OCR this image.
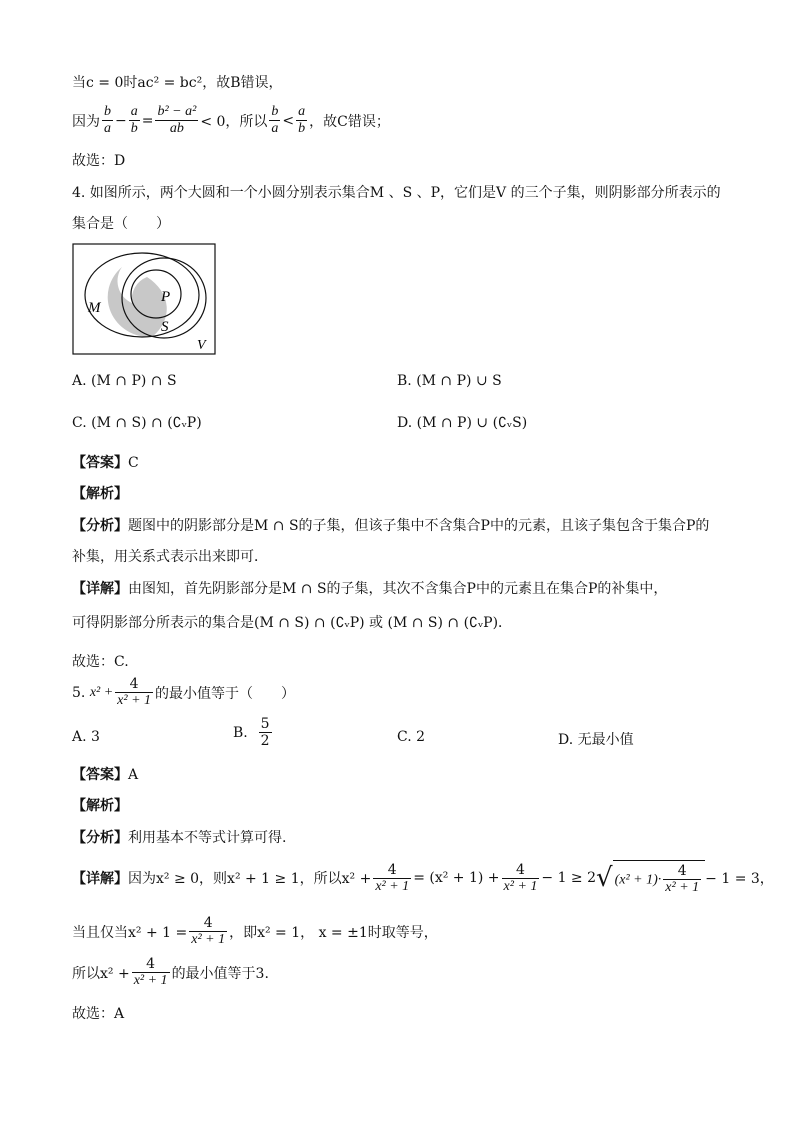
当c = 0时ac² = bc²，故B错误，
因为 $\frac{b}{a} - \frac{a}{b} = \frac{\text{b² − a²}}{ab} < 0$，所以 $\frac{b}{a} < \frac{a}{b}$ ，故C错误；
故选：D
4. 如图所示，两个大圆和一个小圆分别表示集合M 、S 、P，它们是V 的三个子集，则阴影部分所表示的
集合是（　　）
M
P
S
V
A. (M ∩ P) ∩ S	B. (M ∩ P) ∪ S
C. (M ∩ S) ∩ (∁ᵥP)	D. (M ∩ P) ∪ (∁ᵥS)
【答案】C
【解析】
【分析】题图中的阴影部分是M ∩ S的子集，但该子集中不含集合P中的元素，且该子集包含于集合P的
补集，用关系式表示出来即可．
【详解】由图知，首先阴影部分是M ∩ S的子集，其次不含集合P中的元素且在集合P的补集中，
可得阴影部分所表示的集合是(M ∩ S) ∩ (∁ᵥP) 或 (M ∩ S) ∩ (∁ᵥP)．
故选：C.
5.
$x^2 + \frac{4}{\text{x² + 1}}$ 的最小值等于（　　）
A. 3	B.
$\frac{5}{2}$	C. 2	D. 无最小值
【答案】A
【解析】
【分析】利用基本不等式计算可得.
【详解】 因为x² ≥ 0，则x² + 1 ≥ 1，所以$x^2 + \frac{4}{\text{x² + 1}} = (x^2 + 1) + \frac{4}{\text{x² + 1}} - 1 \ge 2$ √ $(x^2 + 1)\cdot \frac{4}{\text{x² + 1}} - 1 = 3$，
当且仅当$x^2 + 1 = \frac{4}{\text{x² + 1}}$ ，即x² = 1， x = ±1时取等号，
所以$x^2 + \frac{4}{\text{x² + 1}}$ 的最小值等于3.
故选：A
